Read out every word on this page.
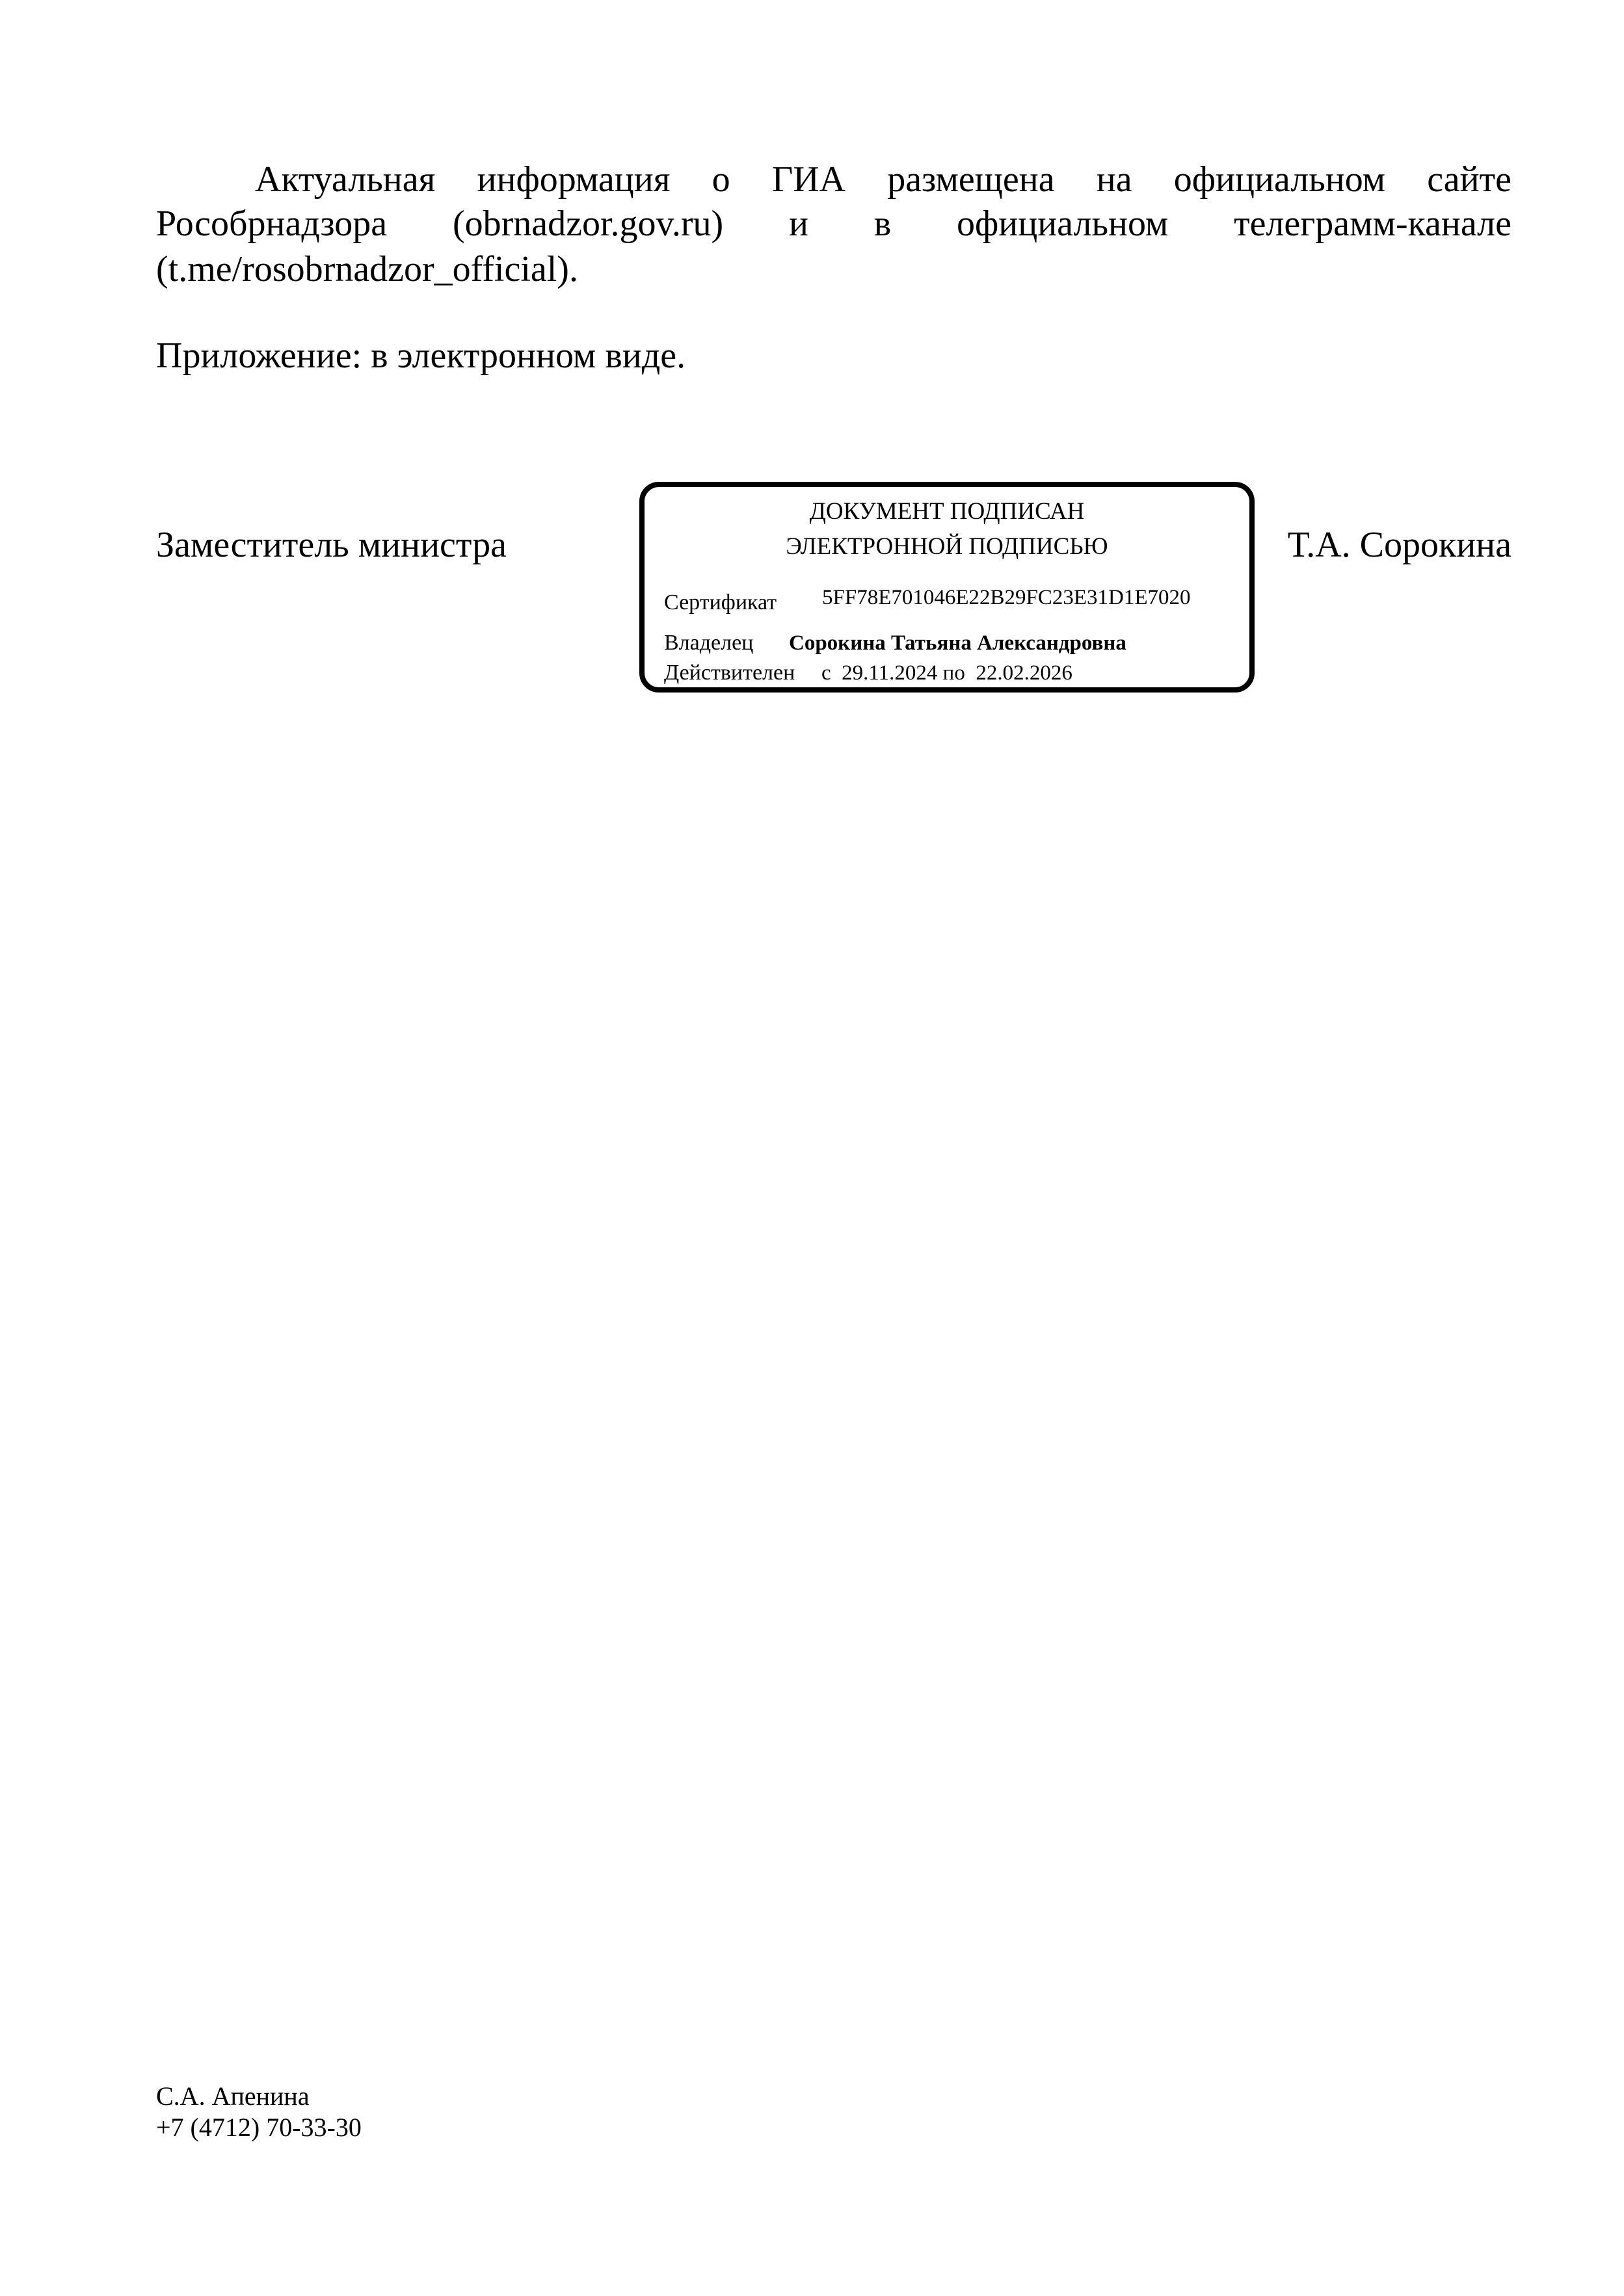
Актуальная информация о ГИА размещена на официальном сайте
Рособрнадзора (obrnadzor.gov.ru) и в официальном телеграмм-канале
(t.me/rosobrnadzor_official).
Приложение: в электронном виде.
Заместитель министра	Т.А. Сорокина
ДОКУМЕНТ ПОДПИСАН
ЭЛЕКТРОННОЙ ПОДПИСЬЮ
Сертификат 5FF78E701046E22B29FC23E31D1E7020
Владелец Сорокина Татьяна Александровна
Действителен с  29.11.2024 по  22.02.2026
С.А. Апенина
+7 (4712) 70-33-30
